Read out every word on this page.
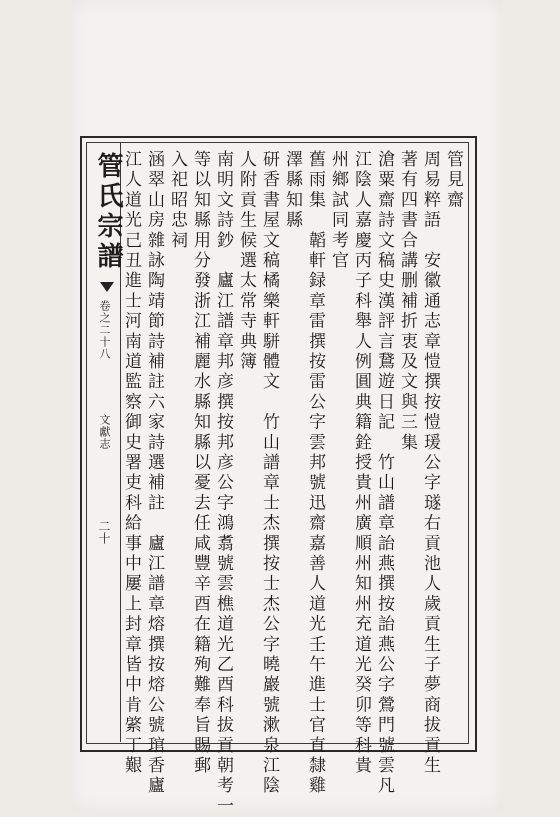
管氏宗譜
卷之二十八
文獻志
二十
管見齋
周易粹語　安徽通志章愷撰按愷瑗公字璲右貢池人歲貢生子夢商拔貢生
著有四書合講删補折衷及文與三集
滄粟齋詩文稿史漢評言鵞遊日記　竹山譜章詒燕撰按詒燕公字鶯門號雲凡
江陰人嘉慶丙子科舉人例圓典籍銓授貴州廣順州知州充道光癸卯等科貴
州鄉試同考官
舊雨集　韜軒録章雷撰按雷公字雲邦號迅齋嘉善人道光壬午進士官直隸雞
澤縣知縣
研香書屋文稿橘樂軒駢體文　竹山譜章士杰撰按士杰公字曉巖號漱泉江陰
人附貢生候選太常寺典簿
南明文詩鈔　廬江譜章邦彦撰按邦彦公字鴻翥號雲樵道光乙酉科拔貢朝考一
等以知縣用分發浙江補麗水縣知縣以憂去任咸豐辛酉在籍殉難奉旨賜郵
入祀昭忠祠
涵翠山房雜詠陶靖節詩補註六家詩選補註　廬江譜章熔撰按熔公號琯香廬
江人道光己丑進士河南道監察御史署吏科給事中屢上封章皆中肯綮丁艱
